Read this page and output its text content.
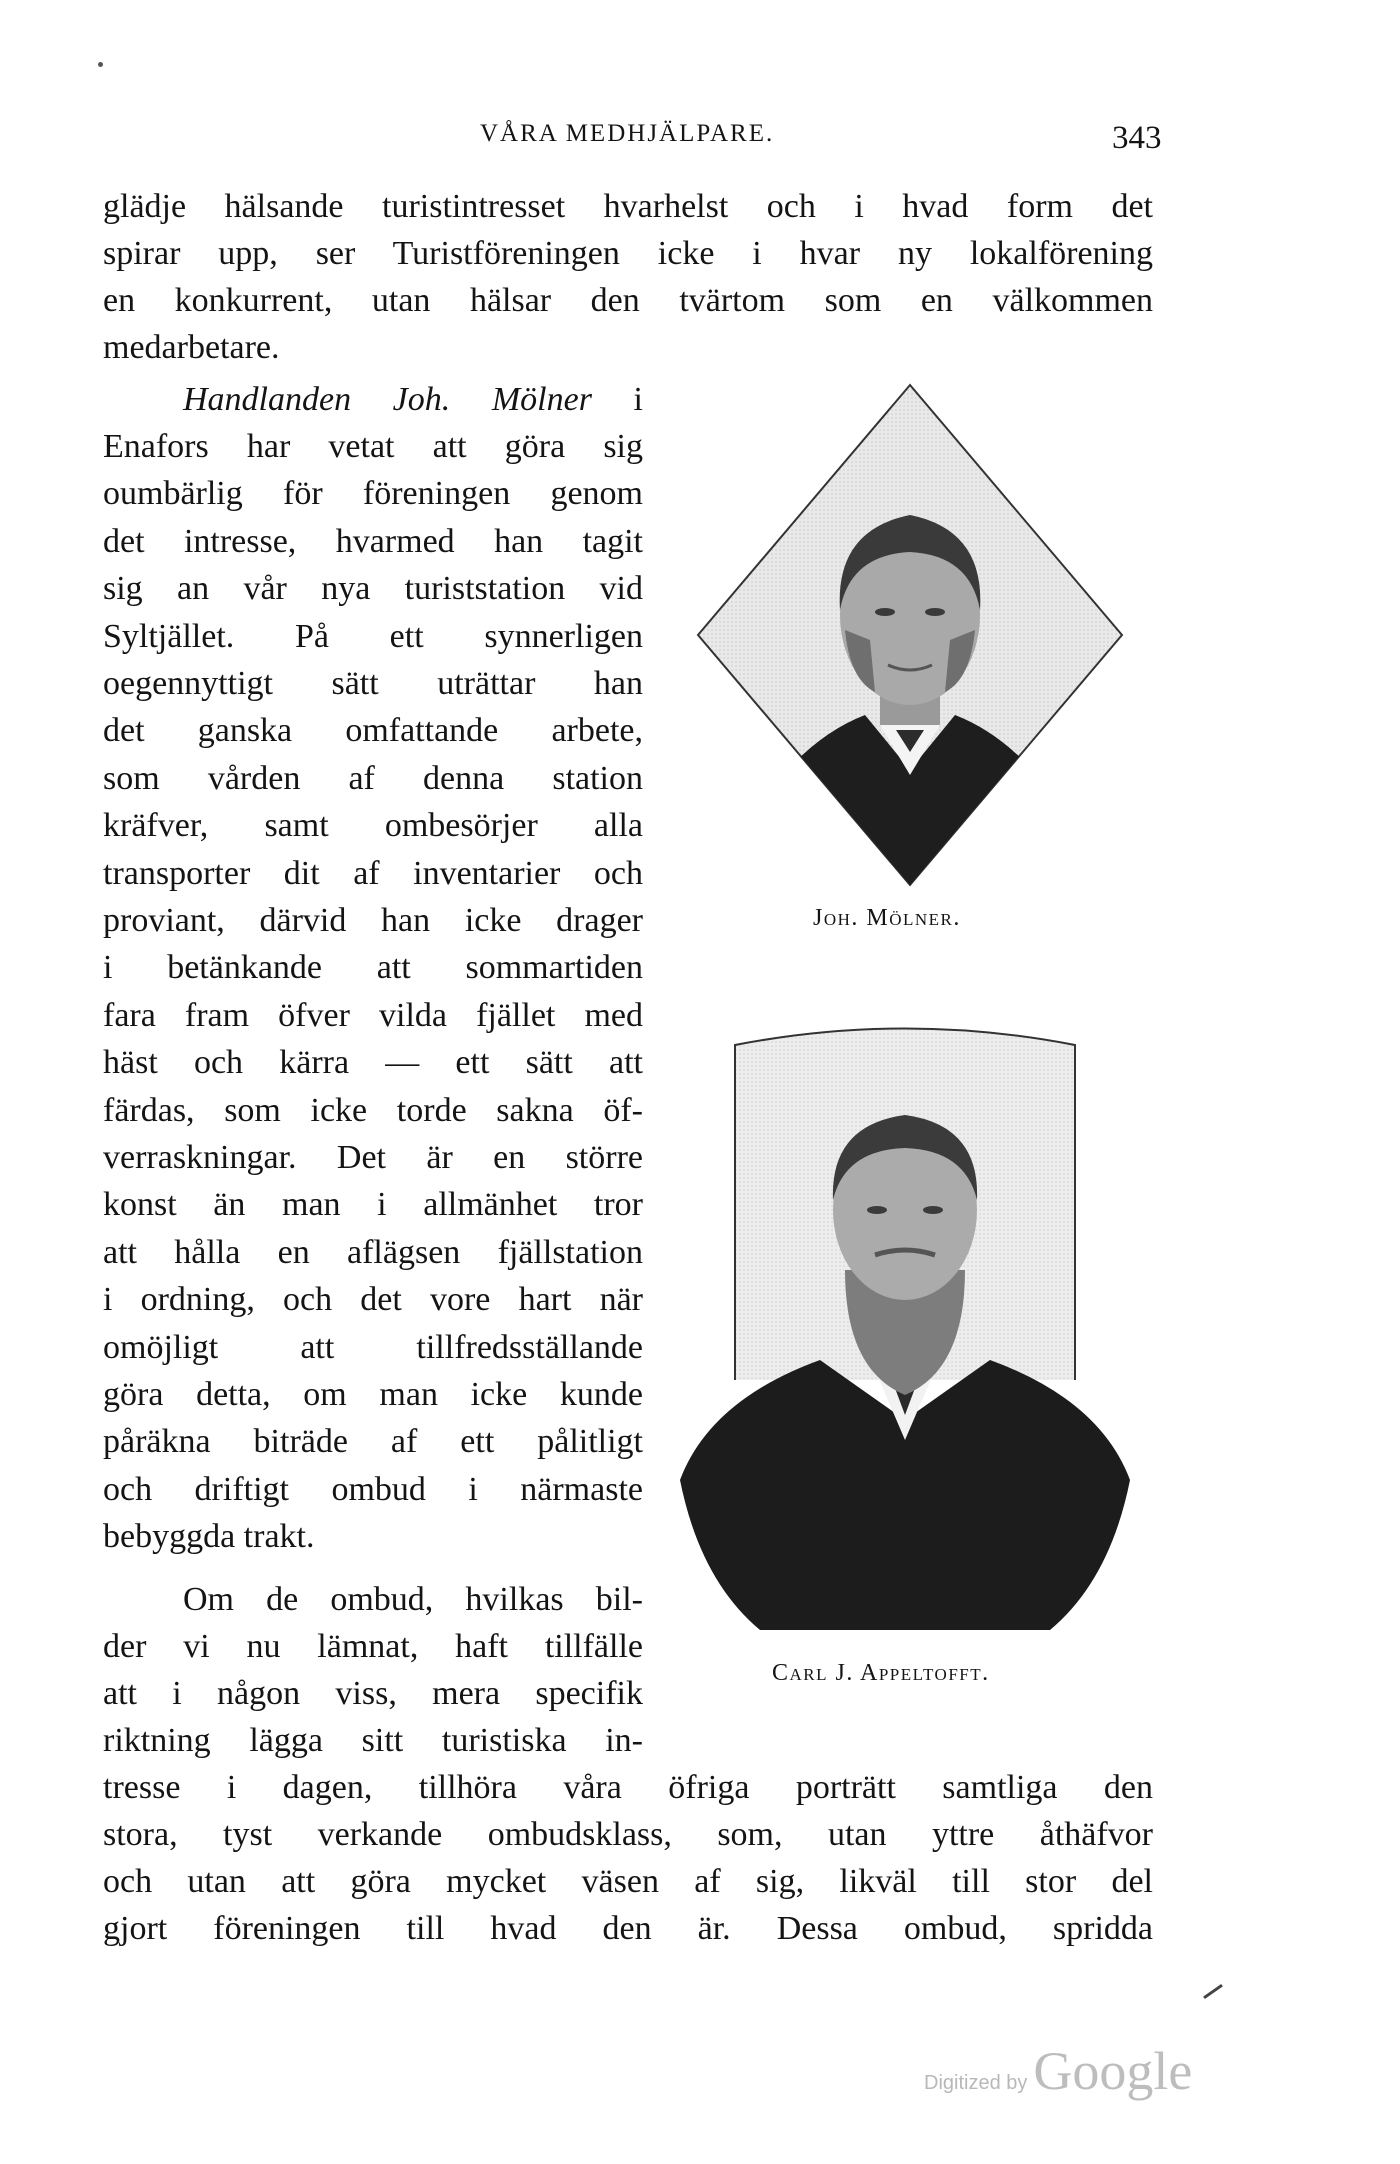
VÅRA MEDHJÄLPARE.	343
glädje hälsande turistintresset hvarhelst och i hvad form det
spirar upp, ser Turistföreningen icke i hvar ny lokalförening
en konkurrent, utan hälsar den tvärtom som en välkommen
medarbetare.
Handlanden Joh. Mölner i
Enafors har vetat att göra sig
oumbärlig för föreningen genom
det intresse, hvarmed han tagit
sig an vår nya turiststation vid
Syltjället. På ett synnerligen
oegennyttigt sätt uträttar han
det ganska omfattande arbete,
som vården af denna station
kräfver, samt ombesörjer alla
transporter dit af inventarier och
proviant, därvid han icke drager
i betänkande att sommartiden
fara fram öfver vilda fjället med
häst och kärra — ett sätt att
färdas, som icke torde sakna öf-
verraskningar. Det är en större
konst än man i allmänhet tror
att hålla en aflägsen fjällstation
i ordning, och det vore hart när
omöjligt att tillfredsställande
göra detta, om man icke kunde
påräkna biträde af ett pålitligt
och driftigt ombud i närmaste
bebyggda trakt.
Om de ombud, hvilkas bil-
der vi nu lämnat, haft tillfälle
att i någon viss, mera specifik
riktning lägga sitt turistiska in-
tresse i dagen, tillhöra våra öfriga porträtt samtliga den
stora, tyst verkande ombudsklass, som, utan yttre åthäfvor
och utan att göra mycket väsen af sig, likväl till stor del
gjort föreningen till hvad den är. Dessa ombud, spridda
Joh. Mölner.
Carl J. Appeltofft.
Digitized by Google
